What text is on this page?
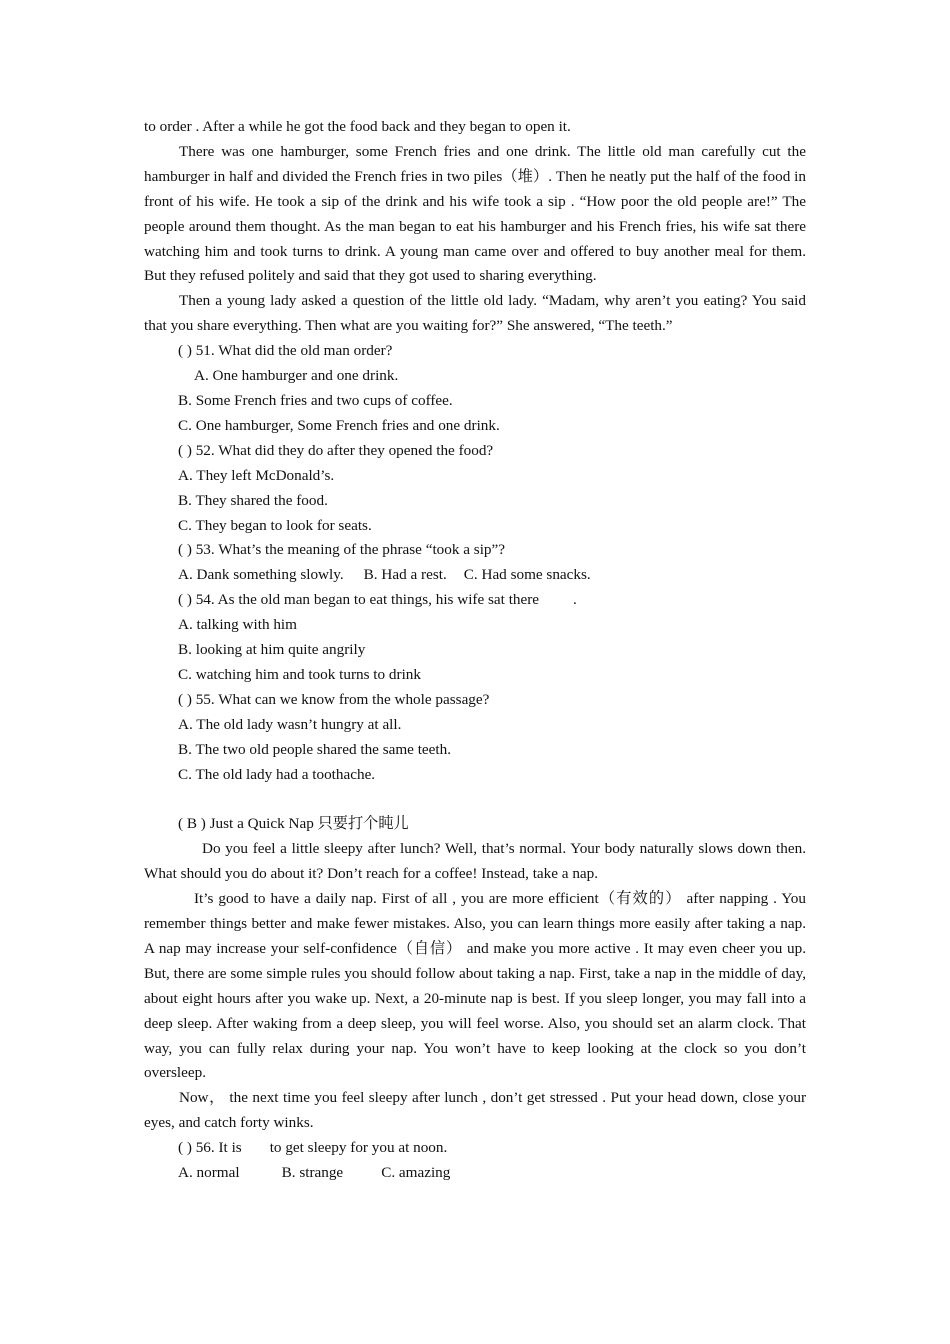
to order . After a while he got the food back and they began to open it.

There was one hamburger, some French fries and one drink. The little old man carefully cut the hamburger in half and divided the French fries in two piles（堆）. Then he neatly put the half of the food in front of his wife. He took a sip of the drink and his wife took a sip . “How poor the old people are!” The people around them thought. As the man began to eat his hamburger and his French fries, his wife sat there watching him and took turns to drink. A young man came over and offered to buy another meal for them. But they refused politely and said that they got used to sharing everything.

Then a young lady asked a question of the little old lady. “Madam, why aren’t you eating? You said that you share everything. Then what are you waiting for?” She answered, “The teeth.”

( ) 51. What did the old man order?

A. One hamburger and one drink.

B. Some French fries and two cups of coffee.

C. One hamburger, Some French fries and one drink.

( ) 52. What did they do after they opened the food?

A. They left McDonald’s.

B. They shared the food.

C. They began to look for seats.

( ) 53. What’s the meaning of the phrase “took a sip”?

A. Dank something slowly. B. Had a rest. C. Had some snacks.

( ) 54. As the old man began to eat things, his wife sat there .

A. talking with him

B. looking at him quite angrily

C. watching him and took turns to drink

( ) 55. What can we know from the whole passage?

A. The old lady wasn’t hungry at all.

B. The two old people shared the same teeth.

C. The old lady had a toothache.

( B ) Just a Quick Nap 只要打个盹儿

Do you feel a little sleepy after lunch? Well, that’s normal. Your body naturally slows down then. What should you do about it? Don’t reach for a coffee! Instead, take a nap.

It’s good to have a daily nap. First of all , you are more efficient（有效的） after napping . You remember things better and make fewer mistakes. Also, you can learn things more easily after taking a nap. A nap may increase your self-confidence（自信） and make you more active . It may even cheer you up. But, there are some simple rules you should follow about taking a nap. First, take a nap in the middle of day, about eight hours after you wake up. Next, a 20-minute nap is best. If you sleep longer, you may fall into a deep sleep. After waking from a deep sleep, you will feel worse. Also, you should set an alarm clock. That way, you can fully relax during your nap. You won’t have to keep looking at the clock so you don’t oversleep.

Now， the next time you feel sleepy after lunch , don’t get stressed . Put your head down, close your eyes, and catch forty winks.

( ) 56. It is to get sleepy for you at noon.

A. normal	B. strange	C. amazing
